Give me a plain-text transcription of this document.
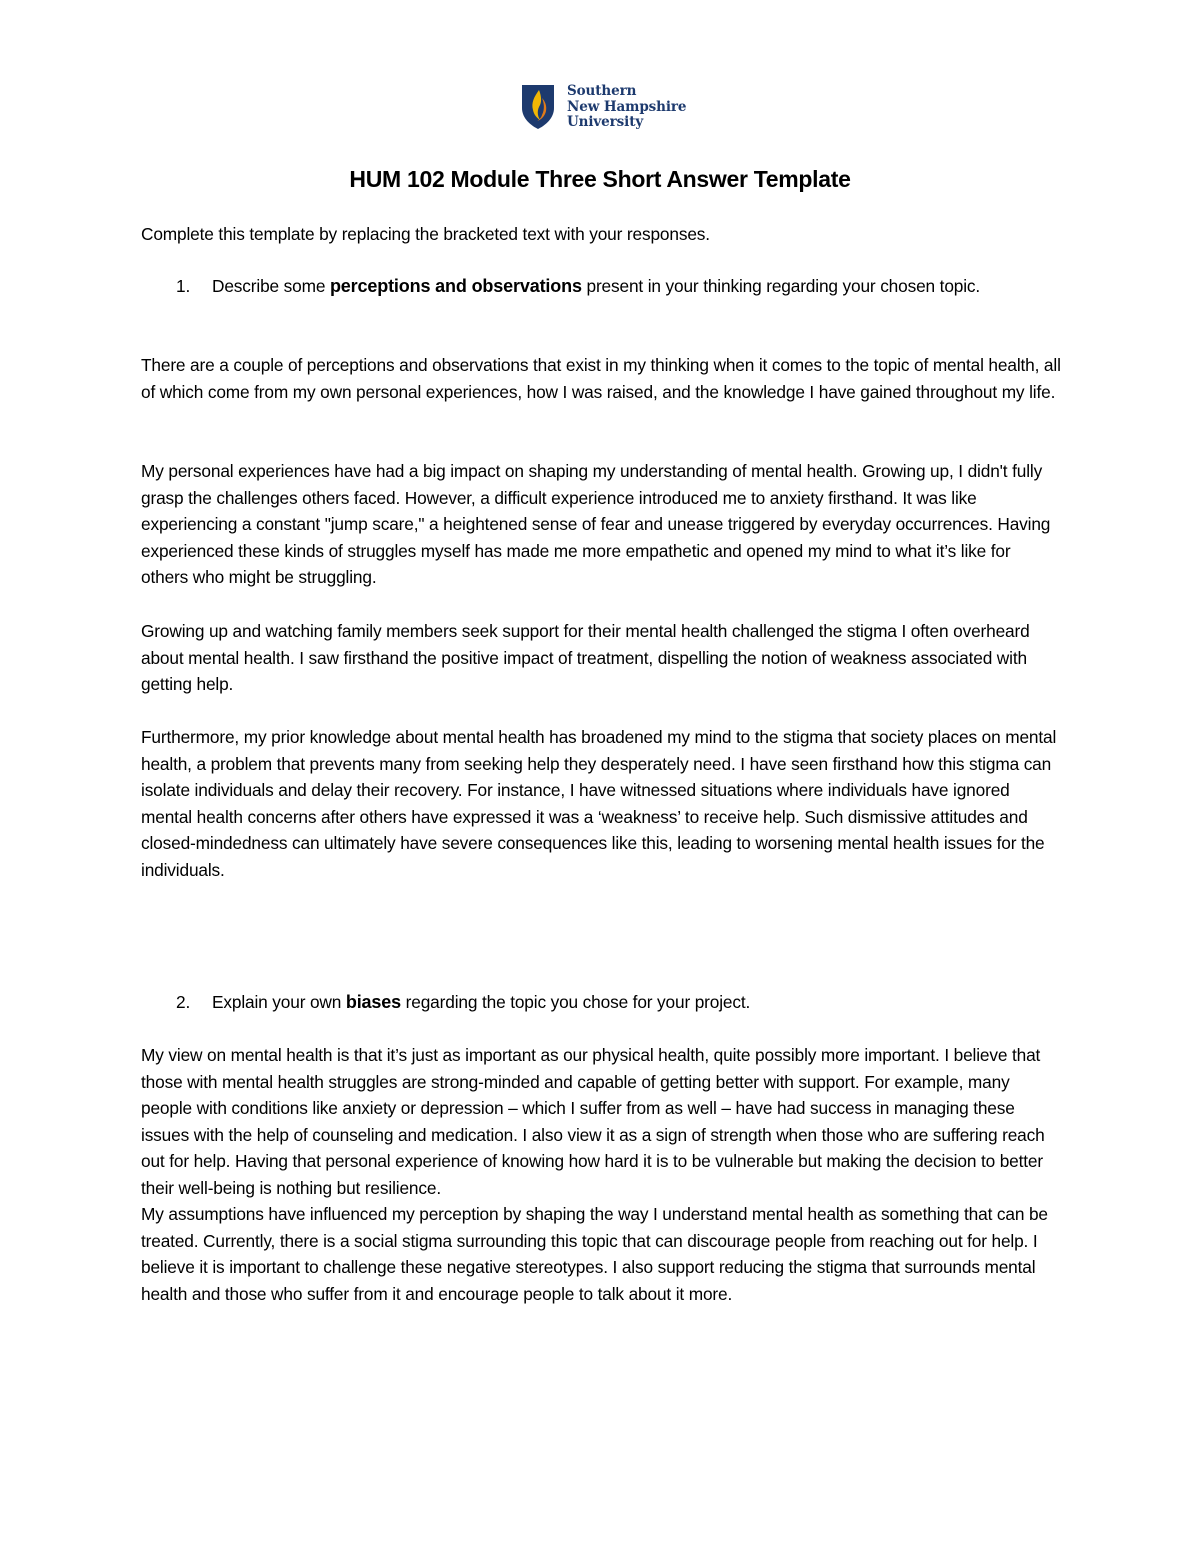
Southern
New Hampshire
University
HUM 102 Module Three Short Answer Template

Complete this template by replacing the bracketed text with your responses.

1. Describe some perceptions and observations present in your thinking regarding your chosen topic.

There are a couple of perceptions and observations that exist in my thinking when it comes to the topic of mental health, all of which come from my own personal experiences, how I was raised, and the knowledge I have gained throughout my life.

My personal experiences have had a big impact on shaping my understanding of mental health. Growing up, I didn't fully grasp the challenges others faced. However, a difficult experience introduced me to anxiety firsthand. It was like experiencing a constant "jump scare," a heightened sense of fear and unease triggered by everyday occurrences. Having experienced these kinds of struggles myself has made me more empathetic and opened my mind to what it’s like for others who might be struggling.

Growing up and watching family members seek support for their mental health challenged the stigma I often overheard about mental health. I saw firsthand the positive impact of treatment, dispelling the notion of weakness associated with getting help.

Furthermore, my prior knowledge about mental health has broadened my mind to the stigma that society places on mental health, a problem that prevents many from seeking help they desperately need. I have seen firsthand how this stigma can isolate individuals and delay their recovery. For instance, I have witnessed situations where individuals have ignored mental health concerns after others have expressed it was a ‘weakness’ to receive help. Such dismissive attitudes and closed-mindedness can ultimately have severe consequences like this, leading to worsening mental health issues for the individuals.

2. Explain your own biases regarding the topic you chose for your project.

My view on mental health is that it’s just as important as our physical health, quite possibly more important. I believe that those with mental health struggles are strong-minded and capable of getting better with support. For example, many people with conditions like anxiety or depression – which I suffer from as well – have had success in managing these issues with the help of counseling and medication. I also view it as a sign of strength when those who are suffering reach out for help. Having that personal experience of knowing how hard it is to be vulnerable but making the decision to better their well-being is nothing but resilience.

My assumptions have influenced my perception by shaping the way I understand mental health as something that can be treated. Currently, there is a social stigma surrounding this topic that can discourage people from reaching out for help. I believe it is important to challenge these negative stereotypes. I also support reducing the stigma that surrounds mental health and those who suffer from it and encourage people to talk about it more.
